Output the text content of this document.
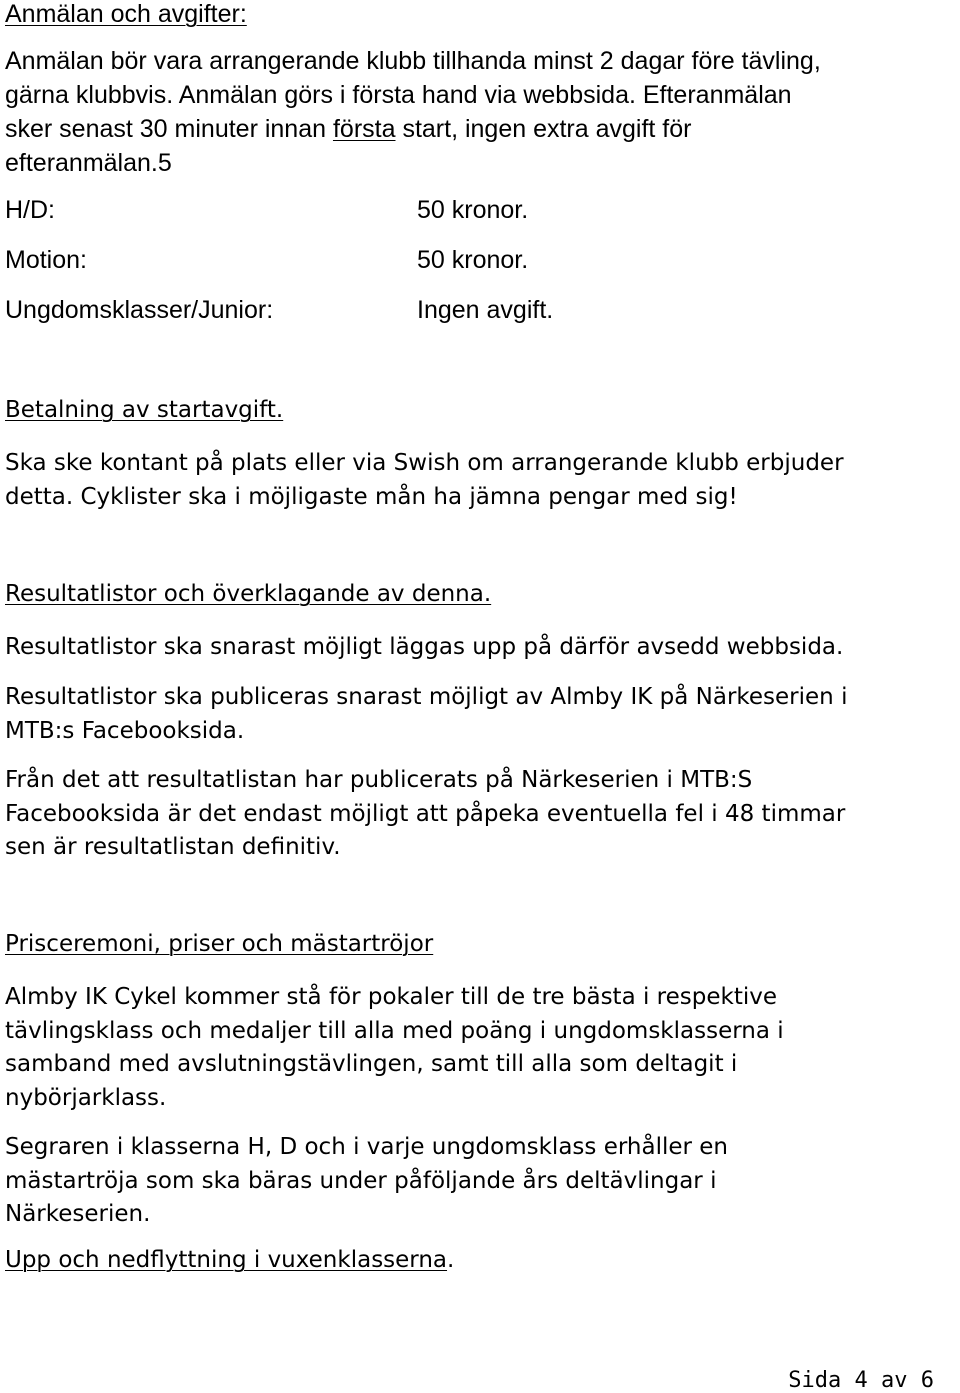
Anmälan och avgifter:
Anmälan bör vara arrangerande klubb tillhanda minst 2 dagar före tävling,
gärna klubbvis. Anmälan görs i första hand via webbsida. Efteranmälan
sker senast 30 minuter innan första start, ingen extra avgift för
efteranmälan.5
H/D:	50 kronor.
Motion:	50 kronor.
Ungdomsklasser/Junior:	Ingen avgift.
Betalning av startavgift.
Ska ske kontant på plats eller via Swish om arrangerande klubb erbjuder
detta. Cyklister ska i möjligaste mån ha jämna pengar med sig!
Resultatlistor och överklagande av denna.
Resultatlistor ska snarast möjligt läggas upp på därför avsedd webbsida.
Resultatlistor ska publiceras snarast möjligt av Almby IK på Närkeserien i
MTB:s Facebooksida.
Från det att resultatlistan har publicerats på Närkeserien i MTB:S
Facebooksida är det endast möjligt att påpeka eventuella fel i 48 timmar
sen är resultatlistan definitiv.
Prisceremoni, priser och mästartröjor
Almby IK Cykel kommer stå för pokaler till de tre bästa i respektive
tävlingsklass och medaljer till alla med poäng i ungdomsklasserna i
samband med avslutningstävlingen, samt till alla som deltagit i
nybörjarklass.
Segraren i klasserna H, D och i varje ungdomsklass erhåller en
mästartröja som ska bäras under påföljande års deltävlingar i
Närkeserien.
Upp och nedflyttning i vuxenklasserna.
Sida 4 av 6
